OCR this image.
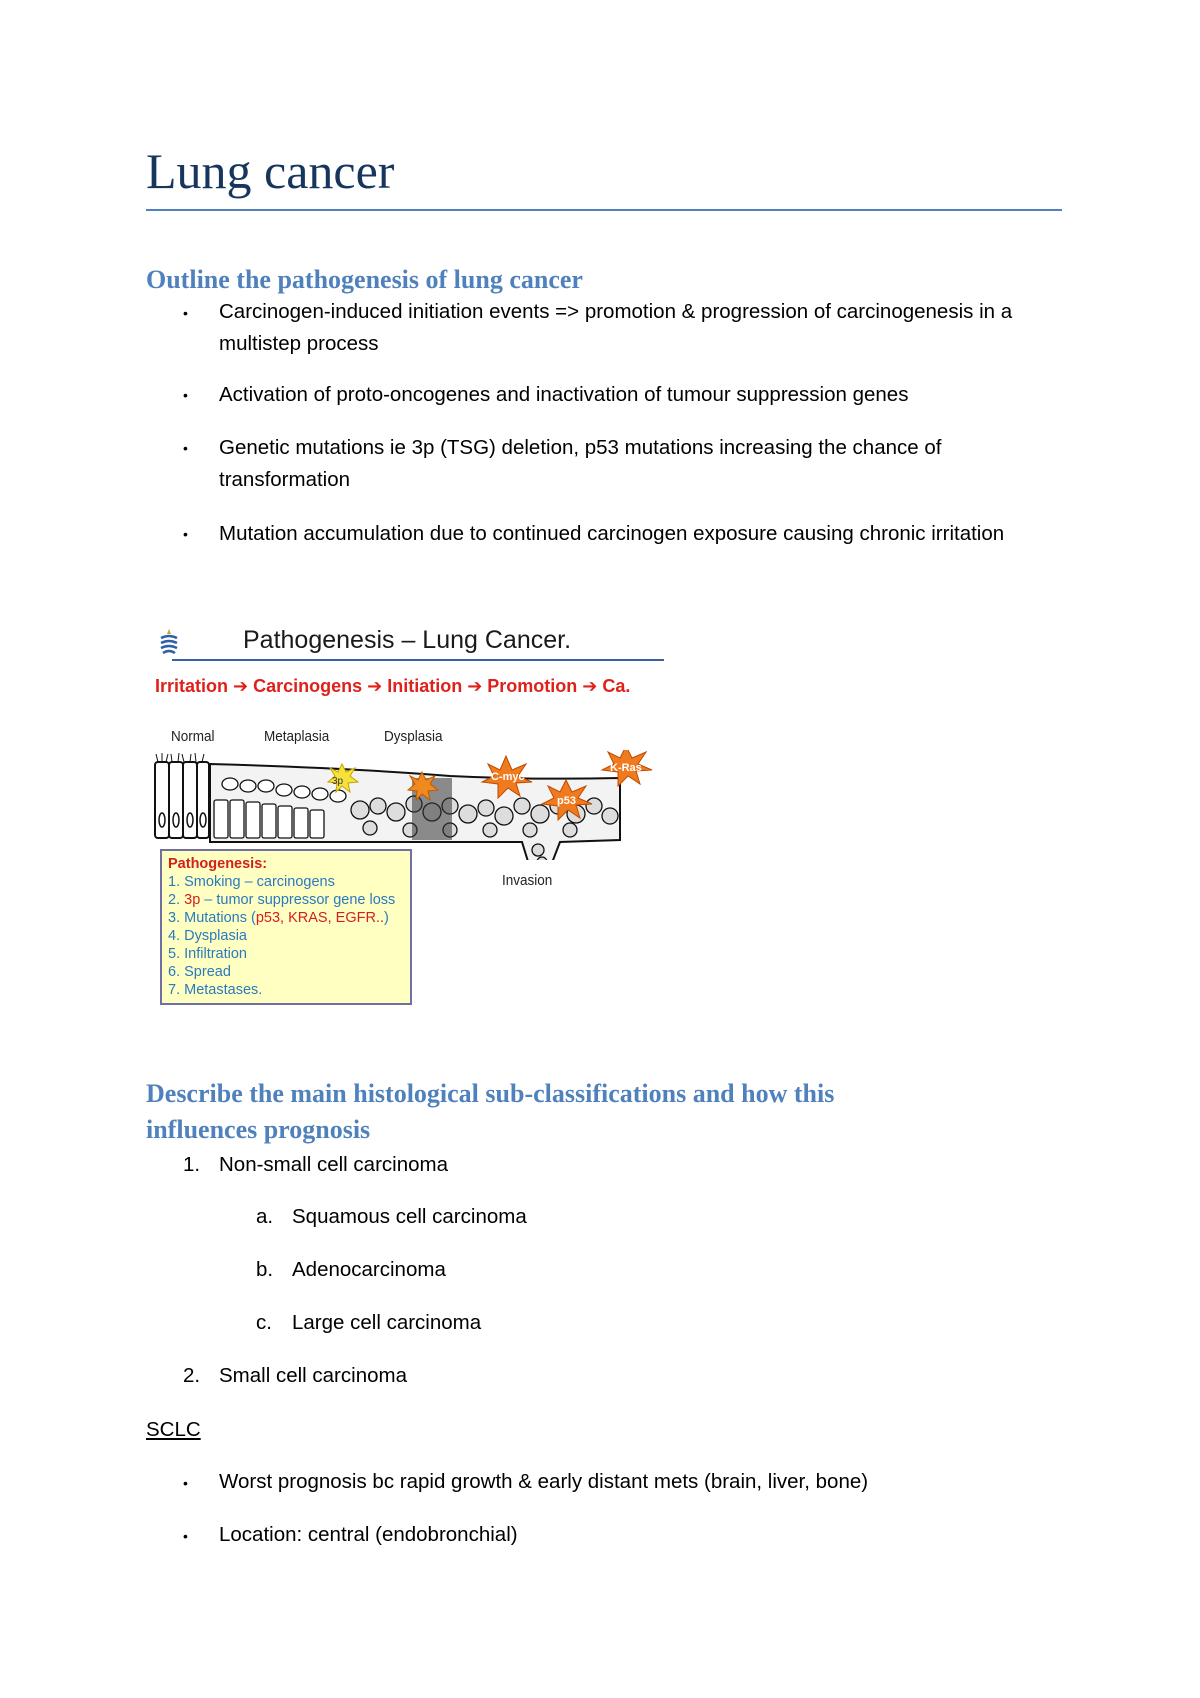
Lung cancer
Outline the pathogenesis of lung cancer
• Carcinogen-induced initiation events => promotion & progression of carcinogenesis in a multistep process
• Activation of proto-oncogenes and inactivation of tumour suppression genes
• Genetic mutations ie 3p (TSG) deletion, p53 mutations increasing the chance of transformation
• Mutation accumulation due to continued carcinogen exposure causing chronic irritation
Pathogenesis – Lung Cancer.
Irritation ➔ Carcinogens ➔ Initiation ➔ Promotion ➔ Ca.
Normal	Metaplasia	Dysplasia
3p	C-myc
K-Ras
p53
Invasion
Pathogenesis:
1. Smoking – carcinogens
2. 3p – tumor suppressor gene loss
3. Mutations (p53, KRAS, EGFR..)
4. Dysplasia
5. Infiltration
6. Spread
7. Metastases.
Describe the main histological sub-classifications and how this
influences prognosis
1. Non-small cell carcinoma
a. Squamous cell carcinoma
b. Adenocarcinoma
c. Large cell carcinoma
2. Small cell carcinoma
SCLC
• Worst prognosis bc rapid growth & early distant mets (brain, liver, bone)
• Location: central (endobronchial)
